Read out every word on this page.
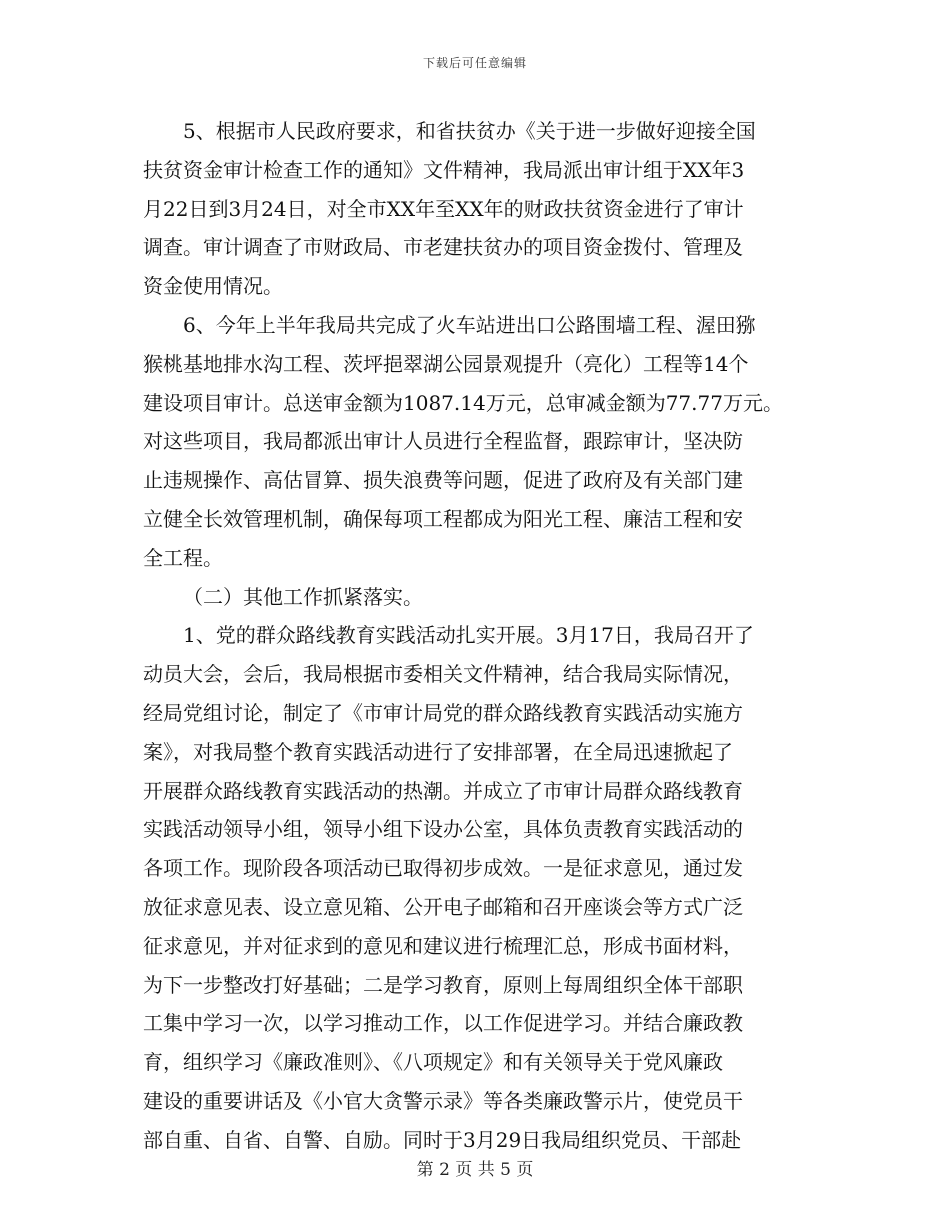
下载后可任意编辑
5、根据市人民政府要求，和省扶贫办《关于进一步做好迎接全国
扶贫资金审计检查工作的通知》文件精神，我局派出审计组于XX年3
月22日到3月24日，对全市XX年至XX年的财政扶贫资金进行了审计
调查。审计调查了市财政局、市老建扶贫办的项目资金拨付、管理及
资金使用情况。
6、今年上半年我局共完成了火车站进出口公路围墙工程、渥田猕
猴桃基地排水沟工程、茨坪挹翠湖公园景观提升（亮化）工程等14个
建设项目审计。总送审金额为1087.14万元，总审减金额为77.77万元。
对这些项目，我局都派出审计人员进行全程监督，跟踪审计，坚决防
止违规操作、高估冒算、损失浪费等问题，促进了政府及有关部门建
立健全长效管理机制，确保每项工程都成为阳光工程、廉洁工程和安
全工程。
（二）其他工作抓紧落实。
1、党的群众路线教育实践活动扎实开展。3月17日，我局召开了
动员大会，会后，我局根据市委相关文件精神，结合我局实际情况，
经局党组讨论，制定了《市审计局党的群众路线教育实践活动实施方
案》，对我局整个教育实践活动进行了安排部署，在全局迅速掀起了
开展群众路线教育实践活动的热潮。并成立了市审计局群众路线教育
实践活动领导小组，领导小组下设办公室，具体负责教育实践活动的
各项工作。现阶段各项活动已取得初步成效。一是征求意见，通过发
放征求意见表、设立意见箱、公开电子邮箱和召开座谈会等方式广泛
征求意见，并对征求到的意见和建议进行梳理汇总，形成书面材料，
为下一步整改打好基础；二是学习教育，原则上每周组织全体干部职
工集中学习一次，以学习推动工作，以工作促进学习。并结合廉政教
育，组织学习《廉政准则》、《八项规定》和有关领导关于党风廉政
建设的重要讲话及《小官大贪警示录》等各类廉政警示片，使党员干
部自重、自省、自警、自励。同时于3月29日我局组织党员、干部赴
第 2 页 共 5 页
